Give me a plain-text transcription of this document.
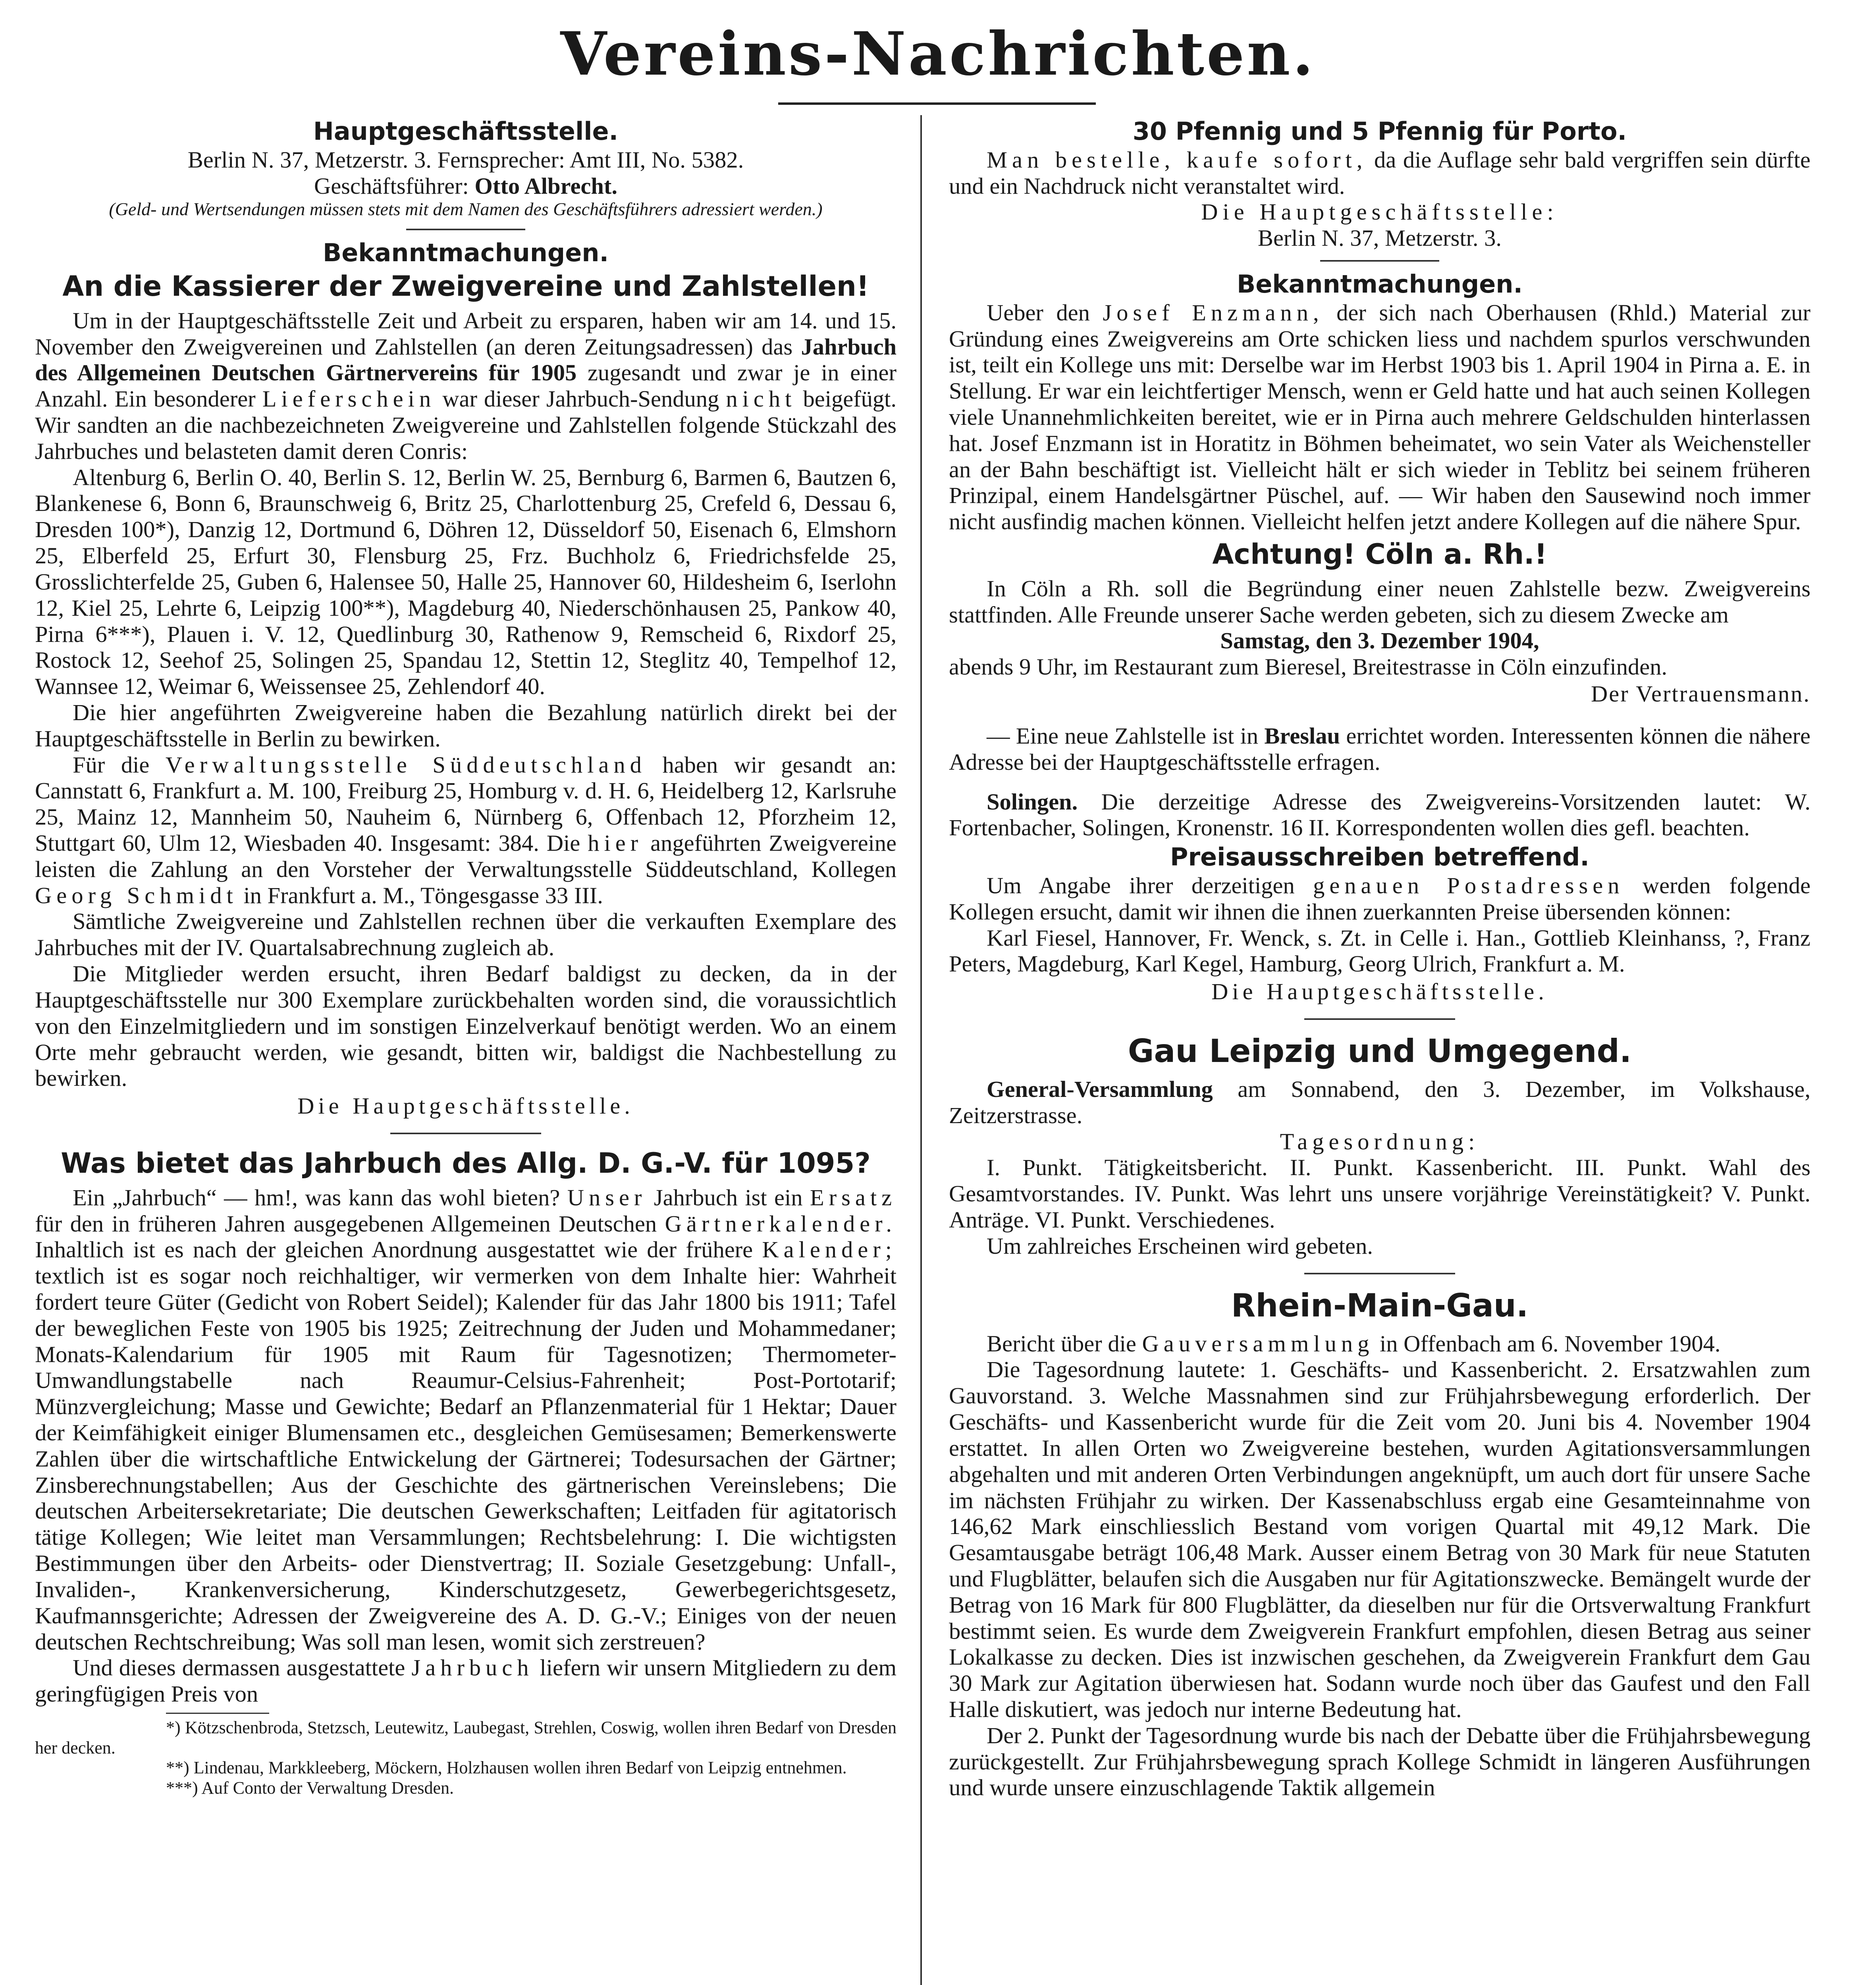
Vereins-Nachrichten.
Hauptgeschäftsstelle.

Berlin N. 37, Metzerstr. 3. Fernsprecher: Amt III, No. 5382.

Geschäftsführer: Otto Albrecht.

(Geld- und Wertsendungen müssen stets mit dem Namen des Geschäftsführers adressiert werden.)

Bekanntmachungen.
An die Kassierer der Zweigvereine und Zahlstellen!

Um in der Hauptgeschäftsstelle Zeit und Arbeit zu ersparen, haben wir am 14. und 15. November den Zweigvereinen und Zahlstellen (an deren Zeitungsadressen) das Jahrbuch des Allgemeinen Deutschen Gärtnervereins für 1905 zugesandt und zwar je in einer Anzahl. Ein besonderer Lieferschein war dieser Jahrbuch-Sendung nicht beigefügt. Wir sandten an die nachbezeichneten Zweigvereine und Zahlstellen folgende Stückzahl des Jahrbuches und belasteten damit deren Conris:

Altenburg 6, Berlin O. 40, Berlin S. 12, Berlin W. 25, Bernburg 6, Barmen 6, Bautzen 6, Blankenese 6, Bonn 6, Braunschweig 6, Britz 25, Charlottenburg 25, Crefeld 6, Dessau 6, Dresden 100*), Danzig 12, Dortmund 6, Döhren 12, Düsseldorf 50, Eisenach 6, Elmshorn 25, Elberfeld 25, Erfurt 30, Flensburg 25, Frz. Buchholz 6, Friedrichsfelde 25, Grosslichterfelde 25, Guben 6, Halensee 50, Halle 25, Hannover 60, Hildesheim 6, Iserlohn 12, Kiel 25, Lehrte 6, Leipzig 100**), Magdeburg 40, Niederschönhausen 25, Pankow 40, Pirna 6***), Plauen i. V. 12, Quedlinburg 30, Rathenow 9, Remscheid 6, Rixdorf 25, Rostock 12, Seehof 25, Solingen 25, Spandau 12, Stettin 12, Steglitz 40, Tempelhof 12, Wannsee 12, Weimar 6, Weissensee 25, Zehlendorf 40.

Die hier angeführten Zweigvereine haben die Bezahlung natürlich direkt bei der Hauptgeschäftsstelle in Berlin zu bewirken.

Für die Verwaltungsstelle Süddeutschland haben wir gesandt an: Cannstatt 6, Frankfurt a. M. 100, Freiburg 25, Homburg v. d. H. 6, Heidelberg 12, Karlsruhe 25, Mainz 12, Mannheim 50, Nauheim 6, Nürnberg 6, Offenbach 12, Pforzheim 12, Stuttgart 60, Ulm 12, Wiesbaden 40. Insgesamt: 384. Die hier angeführten Zweigvereine leisten die Zahlung an den Vorsteher der Verwaltungsstelle Süddeutschland, Kollegen Georg Schmidt in Frankfurt a. M., Töngesgasse 33 III.

Sämtliche Zweigvereine und Zahlstellen rechnen über die verkauften Exemplare des Jahrbuches mit der IV. Quartalsabrechnung zugleich ab.

Die Mitglieder werden ersucht, ihren Bedarf baldigst zu decken, da in der Hauptgeschäftsstelle nur 300 Exemplare zurückbehalten worden sind, die voraussichtlich von den Einzelmitgliedern und im sonstigen Einzelverkauf benötigt werden. Wo an einem Orte mehr gebraucht werden, wie gesandt, bitten wir, baldigst die Nachbestellung zu bewirken.

Die Hauptgeschäftsstelle.

Was bietet das Jahrbuch des Allg. D. G.-V. für 1095?

Ein „Jahrbuch“ — hm!, was kann das wohl bieten? Unser Jahrbuch ist ein Ersatz für den in früheren Jahren ausgegebenen Allgemeinen Deutschen Gärtnerkalender. Inhaltlich ist es nach der gleichen Anordnung ausgestattet wie der frühere Kalender; textlich ist es sogar noch reichhaltiger, wir vermerken von dem Inhalte hier: Wahrheit fordert teure Güter (Gedicht von Robert Seidel); Kalender für das Jahr 1800 bis 1911; Tafel der beweglichen Feste von 1905 bis 1925; Zeitrechnung der Juden und Mohammedaner; Monats-Kalendarium für 1905 mit Raum für Tagesnotizen; Thermometer-Umwandlungstabelle nach Reaumur-Celsius-Fahrenheit; Post-Portotarif; Münzvergleichung; Masse und Gewichte; Bedarf an Pflanzenmaterial für 1 Hektar; Dauer der Keimfähigkeit einiger Blumensamen etc., desgleichen Gemüsesamen; Bemerkenswerte Zahlen über die wirtschaftliche Entwickelung der Gärtnerei; Todesursachen der Gärtner; Zinsberechnungstabellen; Aus der Geschichte des gärtnerischen Vereinslebens; Die deutschen Arbeitersekretariate; Die deutschen Gewerkschaften; Leitfaden für agitatorisch tätige Kollegen; Wie leitet man Versammlungen; Rechtsbelehrung: I. Die wichtigsten Bestimmungen über den Arbeits- oder Dienstvertrag; II. Soziale Gesetzgebung: Unfall-, Invaliden-, Krankenversicherung, Kinderschutzgesetz, Gewerbegerichtsgesetz, Kaufmannsgerichte; Adressen der Zweigvereine des A. D. G.-V.; Einiges von der neuen deutschen Rechtschreibung; Was soll man lesen, womit sich zerstreuen?

Und dieses dermassen ausgestattete Jahrbuch liefern wir unsern Mitgliedern zu dem geringfügigen Preis von

*) Kötzschenbroda, Stetzsch, Leutewitz, Laubegast, Strehlen, Coswig, wollen ihren Bedarf von Dresden her decken.

**) Lindenau, Markkleeberg, Möckern, Holzhausen wollen ihren Bedarf von Leipzig entnehmen.

***) Auf Conto der Verwaltung Dresden.

30 Pfennig und 5 Pfennig für Porto.

Man bestelle, kaufe sofort, da die Auflage sehr bald vergriffen sein dürfte und ein Nachdruck nicht veranstaltet wird.

Die Hauptgeschäftsstelle:

Berlin N. 37, Metzerstr. 3.

Bekanntmachungen.

Ueber den Josef Enzmann, der sich nach Oberhausen (Rhld.) Material zur Gründung eines Zweigvereins am Orte schicken liess und nachdem spurlos verschwunden ist, teilt ein Kollege uns mit: Derselbe war im Herbst 1903 bis 1. April 1904 in Pirna a. E. in Stellung. Er war ein leichtfertiger Mensch, wenn er Geld hatte und hat auch seinen Kollegen viele Unannehmlichkeiten bereitet, wie er in Pirna auch mehrere Geldschulden hinterlassen hat. Josef Enzmann ist in Horatitz in Böhmen beheimatet, wo sein Vater als Weichensteller an der Bahn beschäftigt ist. Vielleicht hält er sich wieder in Teblitz bei seinem früheren Prinzipal, einem Handelsgärtner Püschel, auf. — Wir haben den Sausewind noch immer nicht ausfindig machen können. Vielleicht helfen jetzt andere Kollegen auf die nähere Spur.

Achtung! Cöln a. Rh.!

In Cöln a Rh. soll die Begründung einer neuen Zahlstelle bezw. Zweigvereins stattfinden. Alle Freunde unserer Sache werden gebeten, sich zu diesem Zwecke am

Samstag, den 3. Dezember 1904,

abends 9 Uhr, im Restaurant zum Bieresel, Breitestrasse in Cöln einzufinden.

Der Vertrauensmann.

— Eine neue Zahlstelle ist in Breslau errichtet worden. Interessenten können die nähere Adresse bei der Hauptgeschäftsstelle erfragen.

Solingen. Die derzeitige Adresse des Zweigvereins-Vorsitzenden lautet: W. Fortenbacher, Solingen, Kronenstr. 16 II. Korrespondenten wollen dies gefl. beachten.

Preisausschreiben betreffend.

Um Angabe ihrer derzeitigen genauen Postadressen werden folgende Kollegen ersucht, damit wir ihnen die ihnen zuerkannten Preise übersenden können:

Karl Fiesel, Hannover, Fr. Wenck, s. Zt. in Celle i. Han., Gottlieb Kleinhanss, ?, Franz Peters, Magdeburg, Karl Kegel, Hamburg, Georg Ulrich, Frankfurt a. M.

Die Hauptgeschäftsstelle.

Gau Leipzig und Umgegend.

General-Versammlung am Sonnabend, den 3. Dezember, im Volkshause, Zeitzerstrasse.

Tagesordnung:

I. Punkt. Tätigkeitsbericht. II. Punkt. Kassenbericht. III. Punkt. Wahl des Gesamtvorstandes. IV. Punkt. Was lehrt uns unsere vorjährige Vereinstätigkeit? V. Punkt. Anträge. VI. Punkt. Verschiedenes.

Um zahlreiches Erscheinen wird gebeten.

Rhein-Main-Gau.

Bericht über die Gauversammlung in Offenbach am 6. November 1904.

Die Tagesordnung lautete: 1. Geschäfts- und Kassenbericht. 2. Ersatzwahlen zum Gauvorstand. 3. Welche Massnahmen sind zur Frühjahrsbewegung erforderlich. Der Geschäfts- und Kassenbericht wurde für die Zeit vom 20. Juni bis 4. November 1904 erstattet. In allen Orten wo Zweigvereine bestehen, wurden Agitationsversammlungen abgehalten und mit anderen Orten Verbindungen angeknüpft, um auch dort für unsere Sache im nächsten Frühjahr zu wirken. Der Kassenabschluss ergab eine Gesamteinnahme von 146,62 Mark einschliesslich Bestand vom vorigen Quartal mit 49,12 Mark. Die Gesamtausgabe beträgt 106,48 Mark. Ausser einem Betrag von 30 Mark für neue Statuten und Flugblätter, belaufen sich die Ausgaben nur für Agitationszwecke. Bemängelt wurde der Betrag von 16 Mark für 800 Flugblätter, da dieselben nur für die Ortsverwaltung Frankfurt bestimmt seien. Es wurde dem Zweigverein Frankfurt empfohlen, diesen Betrag aus seiner Lokalkasse zu decken. Dies ist inzwischen geschehen, da Zweigverein Frankfurt dem Gau 30 Mark zur Agitation überwiesen hat. Sodann wurde noch über das Gaufest und den Fall Halle diskutiert, was jedoch nur interne Bedeutung hat.

Der 2. Punkt der Tagesordnung wurde bis nach der Debatte über die Frühjahrsbewegung zurückgestellt. Zur Frühjahrsbewegung sprach Kollege Schmidt in längeren Ausführungen und wurde unsere einzuschlagende Taktik allgemein
